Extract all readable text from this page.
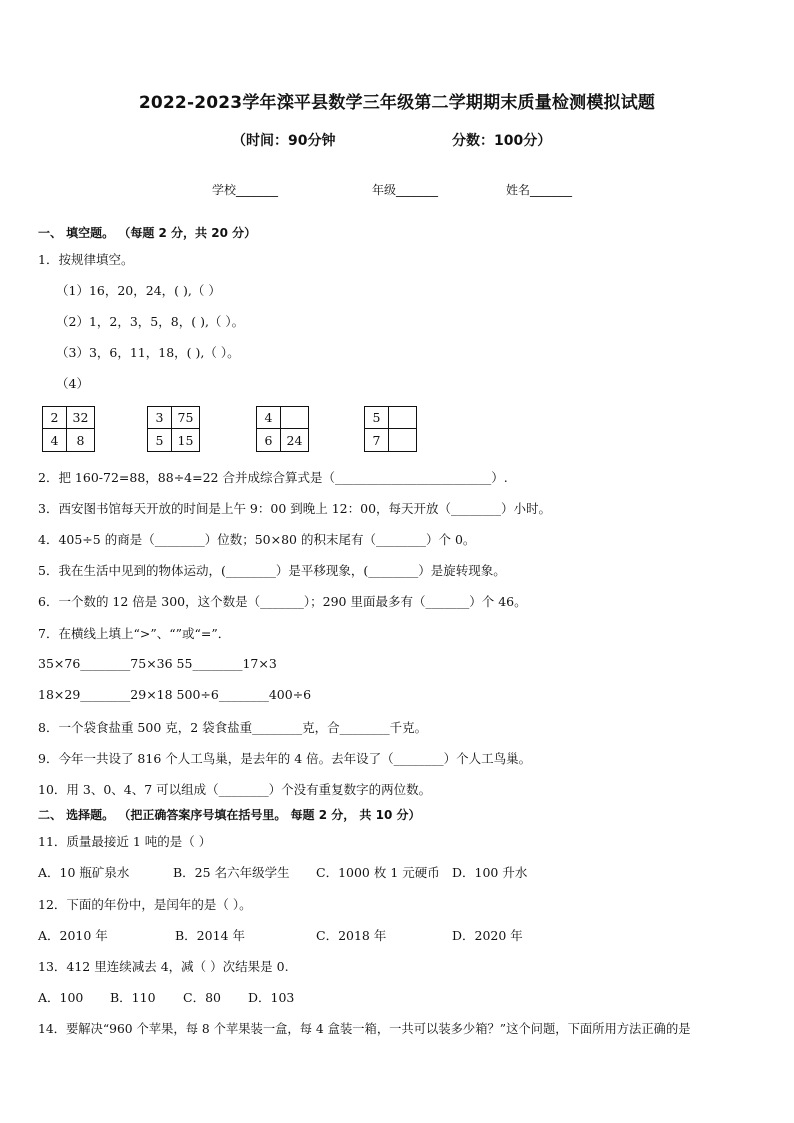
2022-2023学年滦平县数学三年级第二学期期末质量检测模拟试题
（时间：90分钟	分数：100分）
学校_______	年级_______	姓名_______
一、 填空题。 （每题 2 分，共 20 分）
1．按规律填空。
（1）16，20，24，( ),（ ）
（2）1，2，3，5，8，( ),（ ）。
（3）3，6，11，18，( ),（ ）。
（4）
2	32
4	8
3	75
5	15
4
6	24
5
7
2．把 160-72=88，88÷4=22 合并成综合算式是（_________________________）.
3．西安图书馆每天开放的时间是上午 9：00 到晚上 12：00，每天开放（________）小时。
4．405÷5 的商是（________）位数；50×80 的积末尾有（________）个 0。
5．我在生活中见到的物体运动，(________）是平移现象，(________）是旋转现象。
6．一个数的 12 倍是 300，这个数是（_______）；290 里面最多有（_______）个 46。
7．在横线上填上“>”、“”或“=”．
35×76________75×36 55________17×3
18×29________29×18 500÷6________400÷6
8．一个袋食盐重 500 克，2 袋食盐重________克，合________千克。
9．今年一共设了 816 个人工鸟巢，是去年的 4 倍。去年设了（________）个人工鸟巢。
10．用 3、0、4、7 可以组成（________）个没有重复数字的两位数。
二、 选择题。 （把正确答案序号填在括号里。 每题 2 分， 共 10 分）
11．质量最接近 1 吨的是（ ）
A．10 瓶矿泉水	B．25 名六年级学生 C．1000 枚 1 元硬币 D．100 升水
12．下面的年份中，是闰年的是（ ）。
A．2010 年	B．2014 年	C．2018 年	D．2020 年
13．412 里连续减去 4，减（ ）次结果是 0.
A．100 B．110 C．80 D．103
14．要解决“960 个苹果，每 8 个苹果装一盒，每 4 盒装一箱，一共可以装多少箱？”这个问题，下面所用方法正确的是
